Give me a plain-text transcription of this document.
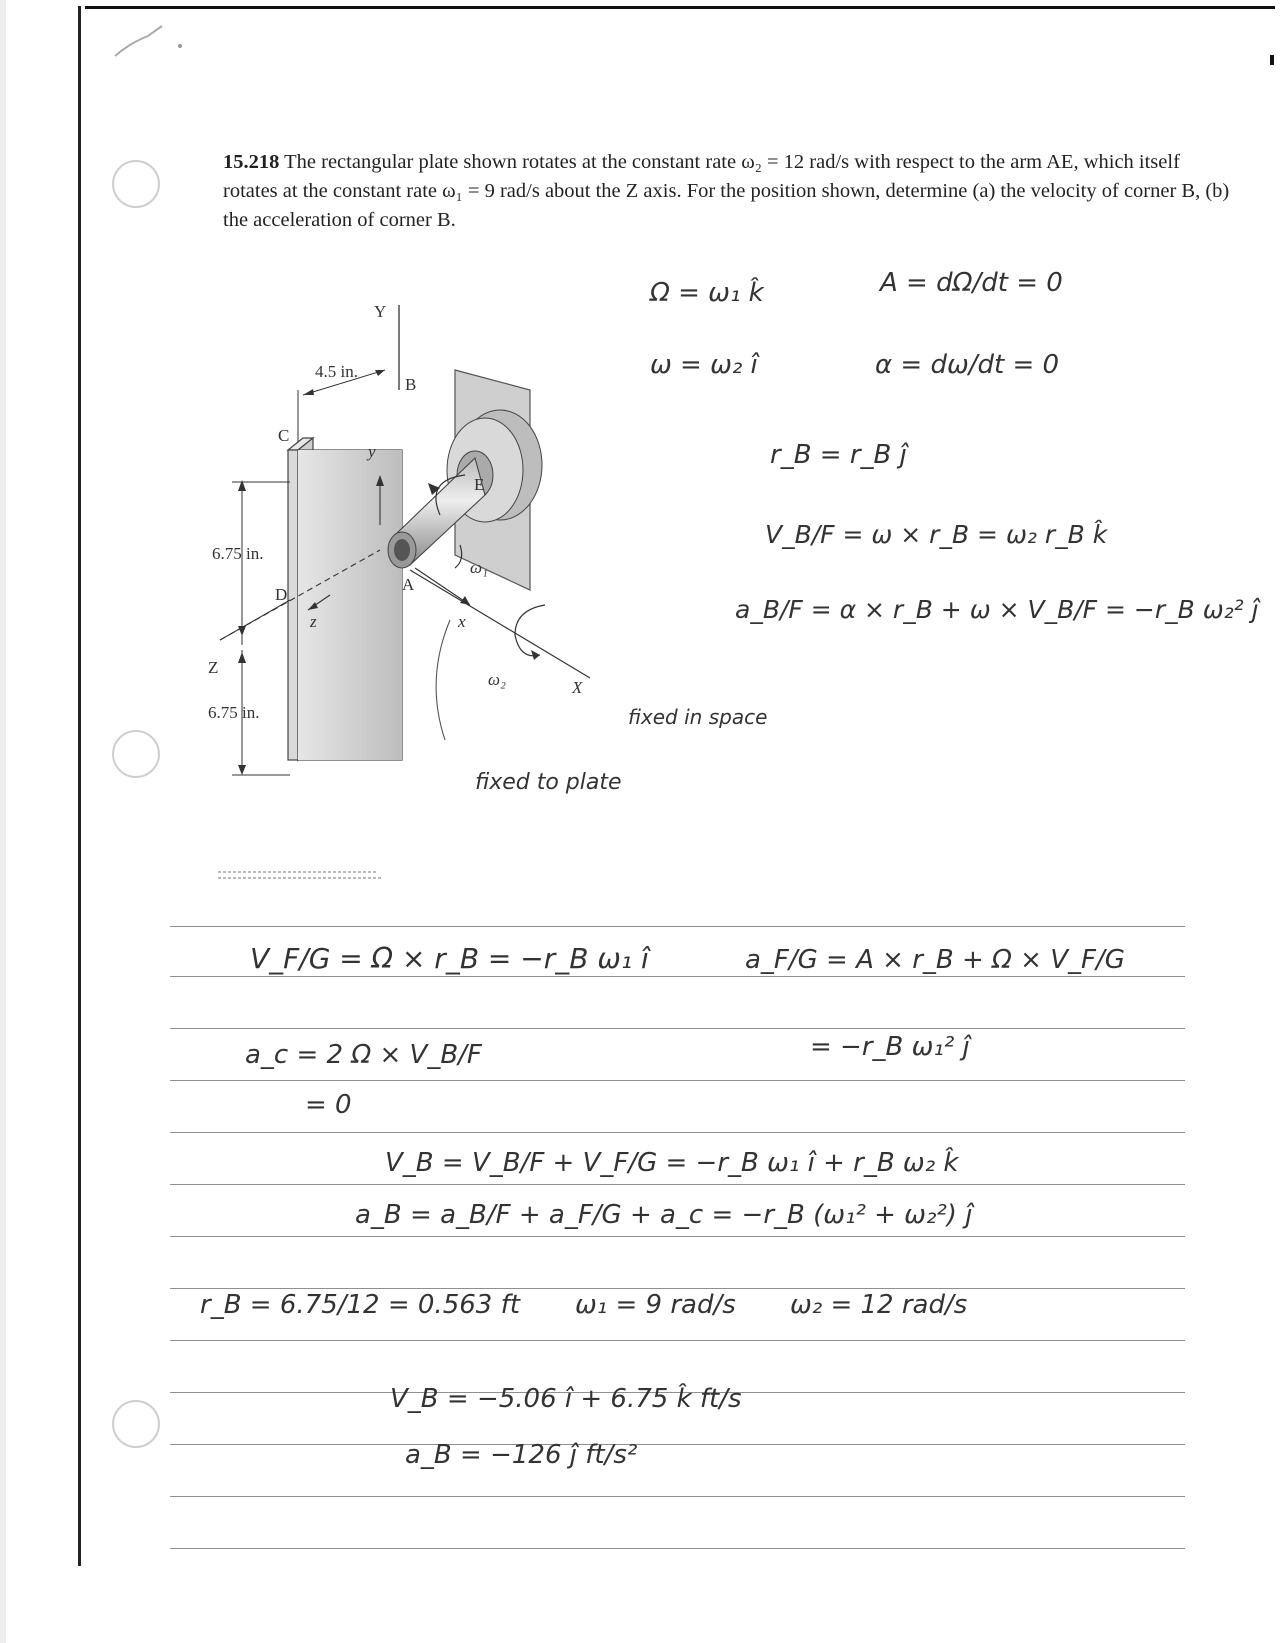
15.218 The rectangular plate shown rotates at the constant rate ω₂ = 12 rad/s with respect to the arm AE, which itself rotates at the constant rate ω₁ = 9 rad/s about the Z axis. For the position shown, determine (a) the velocity of corner B, (b) the acceleration of corner B.
Y
4.5 in.
B
C
y
E
6.75 in.
ω₁
D
A
z	x
Z
ω₂	X
6.75 in.	fixed in space
fixed to plate
Ω = ω₁ k̂	A = dΩ/dt = 0
ω = ω₂ î	α = dω/dt = 0
r_B = r_B ĵ
V_B/F = ω × r_B = ω₂ r_B k̂
a_B/F = α × r_B + ω × V_B/F = −r_B ω₂² ĵ
V_F/G = Ω × r_B = −r_B ω₁ î	a_F/G = A × r_B + Ω × V_F/G
a_c = 2 Ω × V_B/F	= −r_B ω₁² ĵ
= 0
V_B = V_B/F + V_F/G = −r_B ω₁ î + r_B ω₂ k̂
a_B = a_B/F + a_F/G + a_c = −r_B (ω₁² + ω₂²) ĵ
r_B = 6.75/12 = 0.563 ft ω₁ = 9 rad/s ω₂ = 12 rad/s
V_B = −5.06 î + 6.75 k̂ ft/s
a_B = −126 ĵ ft/s²
